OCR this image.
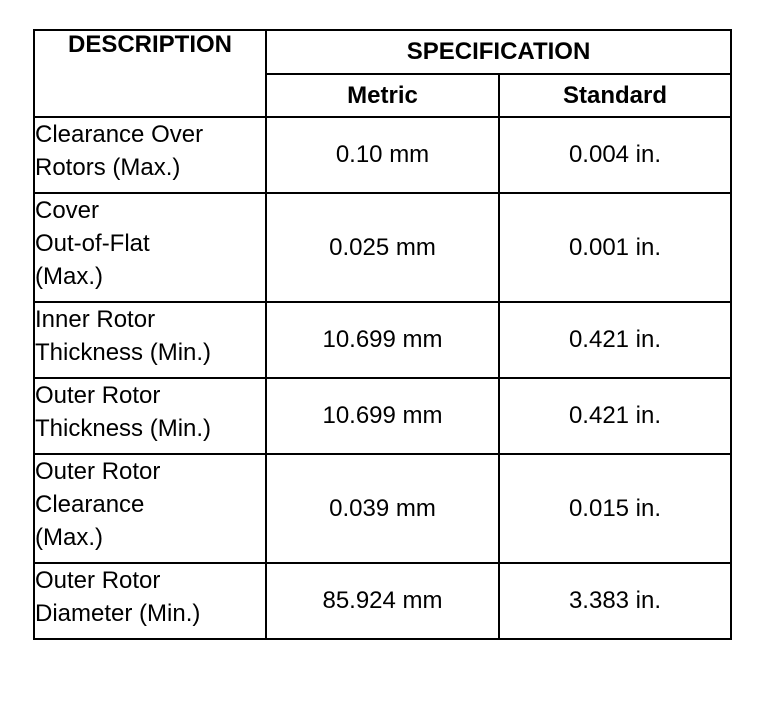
DESCRIPTION	SPECIFICATION	
	Metric	Standard

Clearance Over
Rotors (Max.)	0.10 mm	0.004 in.

Cover
Out-of-Flat
(Max.)	0.025 mm	0.001 in.

Inner Rotor
Thickness (Min.)	10.699 mm	0.421 in.

Outer Rotor
Thickness (Min.)	10.699 mm	0.421 in.

Outer Rotor
Clearance
(Max.)	0.039 mm	0.015 in.

Outer Rotor
Diameter (Min.)	85.924 mm	3.383 in.
